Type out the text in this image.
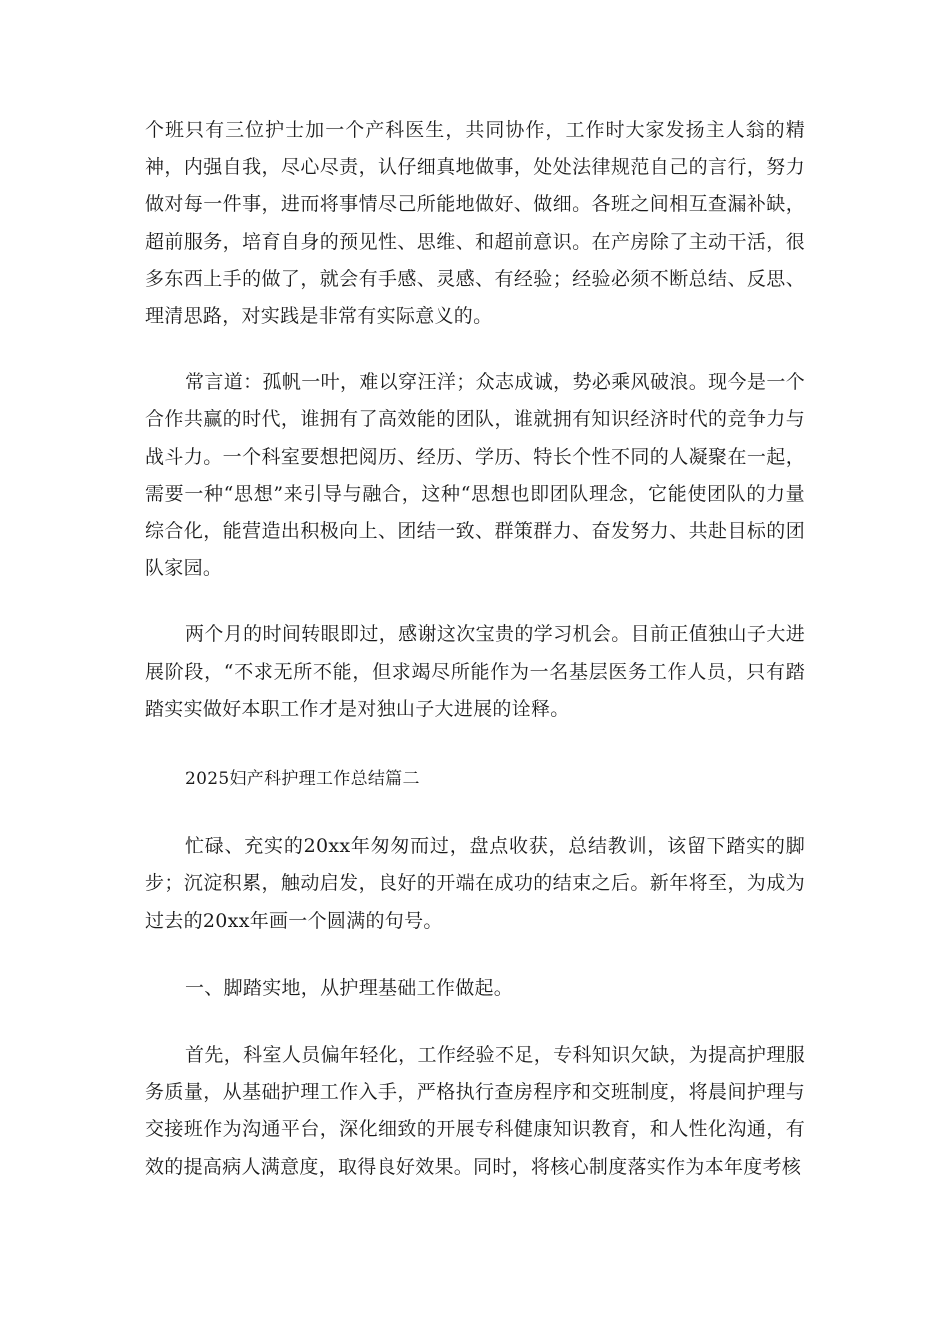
个班只有三位护士加一个产科医生，共同协作，工作时大家发扬主人翁的精神，内强自我，尽心尽责，认仔细真地做事，处处法律规范自己的言行，努力做对每一件事，进而将事情尽己所能地做好、做细。各班之间相互查漏补缺，超前服务，培育自身的预见性、思维、和超前意识。在产房除了主动干活，很多东西上手的做了，就会有手感、灵感、有经验；经验必须不断总结、反思、理清思路，对实践是非常有实际意义的。

常言道：孤帆一叶，难以穿汪洋；众志成诚，势必乘风破浪。现今是一个合作共赢的时代，谁拥有了高效能的团队，谁就拥有知识经济时代的竞争力与战斗力。一个科室要想把阅历、经历、学历、特长个性不同的人凝聚在一起，需要一种“思想”来引导与融合，这种“思想也即团队理念，它能使团队的力量综合化，能营造出积极向上、团结一致、群策群力、奋发努力、共赴目标的团队家园。

两个月的时间转眼即过，感谢这次宝贵的学习机会。目前正值独山子大进展阶段，“不求无所不能，但求竭尽所能作为一名基层医务工作人员，只有踏踏实实做好本职工作才是对独山子大进展的诠释。

2025妇产科护理工作总结篇二

忙碌、充实的20xx年匆匆而过，盘点收获，总结教训，该留下踏实的脚步；沉淀积累，触动启发，良好的开端在成功的结束之后。新年将至，为成为过去的20xx年画一个圆满的句号。

一、脚踏实地，从护理基础工作做起。

首先，科室人员偏年轻化，工作经验不足，专科知识欠缺，为提高护理服务质量，从基础护理工作入手，严格执行查房程序和交班制度，将晨间护理与交接班作为沟通平台，深化细致的开展专科健康知识教育，和人性化沟通，有效的提高病人满意度，取得良好效果。同时，将核心制度落实作为本年度考核
